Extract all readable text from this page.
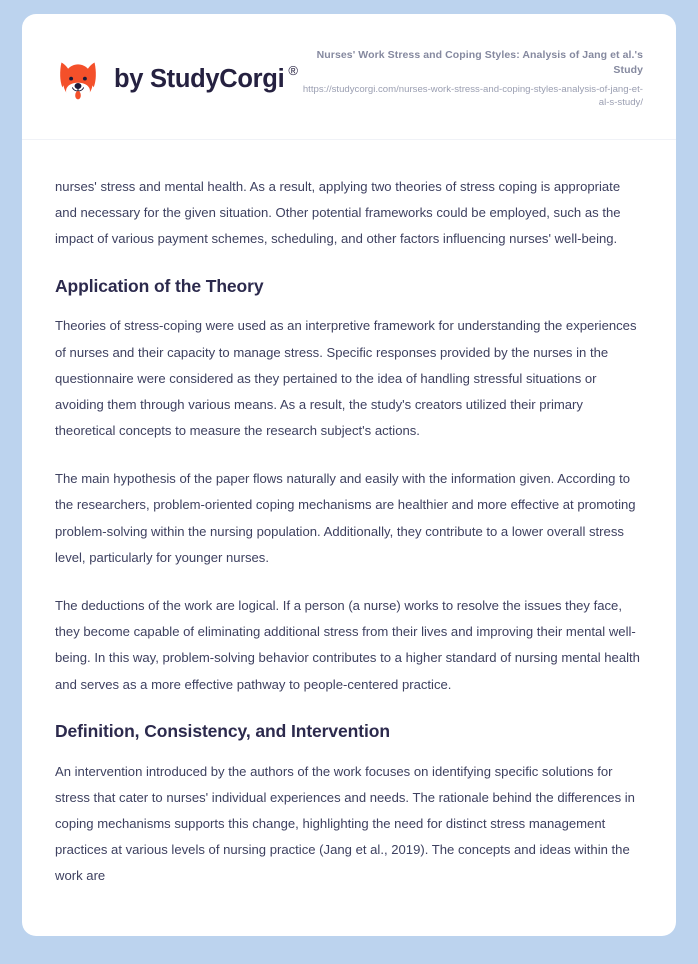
by StudyCorgi ®
Nurses' Work Stress and Coping Styles: Analysis of Jang et al.'s Study
https://studycorgi.com/nurses-work-stress-and-coping-styles-analysis-of-jang-et-al-s-study/

nurses' stress and mental health. As a result, applying two theories of stress coping is appropriate and necessary for the given situation. Other potential frameworks could be employed, such as the impact of various payment schemes, scheduling, and other factors influencing nurses' well-being.

Application of the Theory

Theories of stress-coping were used as an interpretive framework for understanding the experiences of nurses and their capacity to manage stress. Specific responses provided by the nurses in the questionnaire were considered as they pertained to the idea of handling stressful situations or avoiding them through various means. As a result, the study's creators utilized their primary theoretical concepts to measure the research subject's actions.

The main hypothesis of the paper flows naturally and easily with the information given. According to the researchers, problem-oriented coping mechanisms are healthier and more effective at promoting problem-solving within the nursing population. Additionally, they contribute to a lower overall stress level, particularly for younger nurses.

The deductions of the work are logical. If a person (a nurse) works to resolve the issues they face, they become capable of eliminating additional stress from their lives and improving their mental well-being. In this way, problem-solving behavior contributes to a higher standard of nursing mental health and serves as a more effective pathway to people-centered practice.

Definition, Consistency, and Intervention

An intervention introduced by the authors of the work focuses on identifying specific solutions for stress that cater to nurses' individual experiences and needs. The rationale behind the differences in coping mechanisms supports this change, highlighting the need for distinct stress management practices at various levels of nursing practice (Jang et al., 2019). The concepts and ideas within the work are
